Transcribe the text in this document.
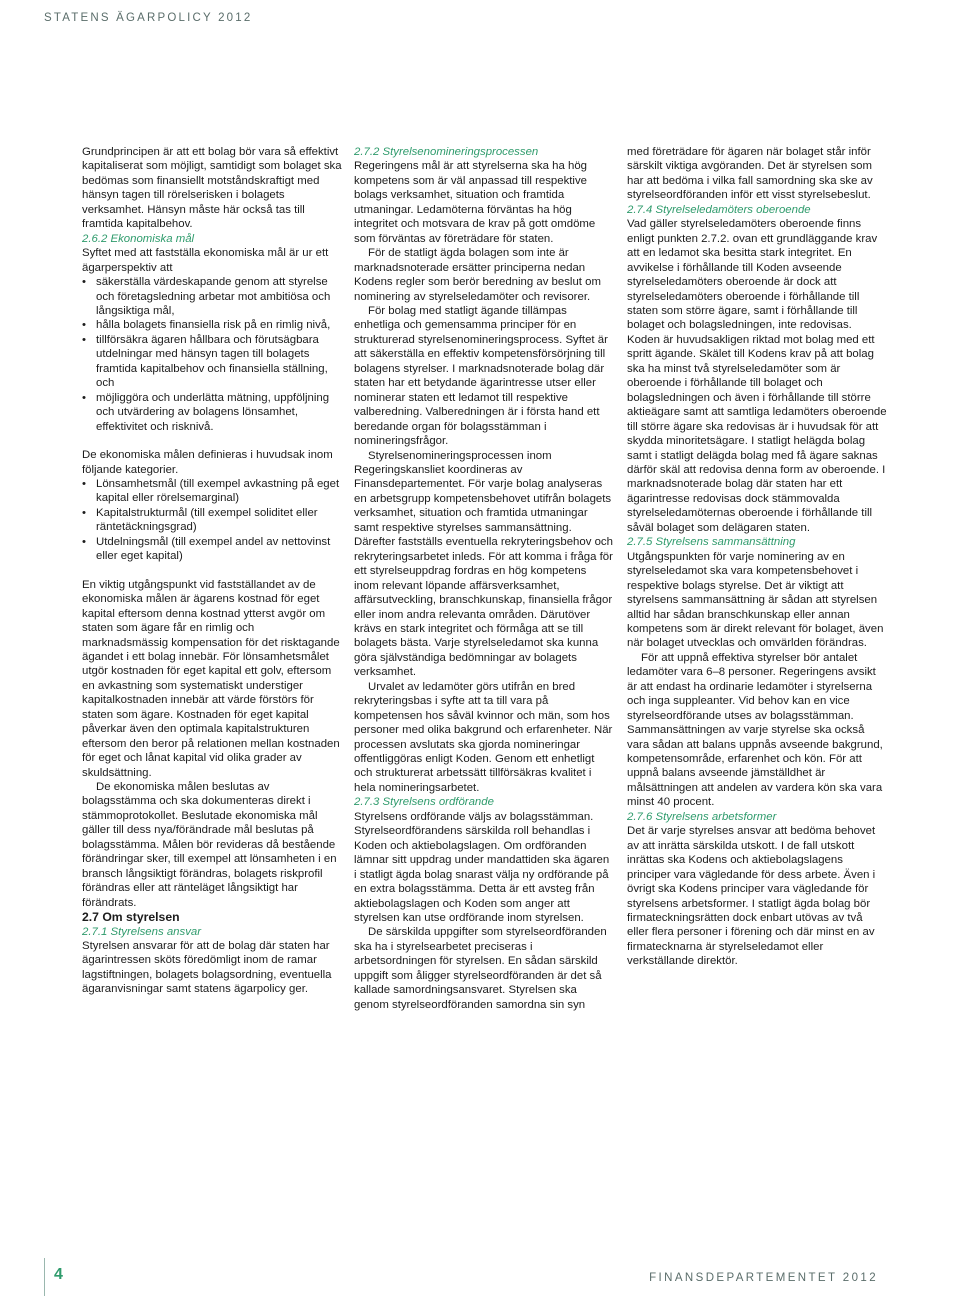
STATENS ÄGARPOLICY 2012

Grundprincipen är att ett bolag bör vara så effektivt kapitaliserat som möjligt, samtidigt som bolaget ska bedömas som finansiellt motståndskraftigt med hänsyn tagen till rörelserisken i bolagets verksamhet. Hänsyn måste här också tas till framtida kapitalbehov.

2.6.2 Ekonomiska mål

Syftet med att fastställa ekonomiska mål är ur ett ägarperspektiv att

• säkerställa värdeskapande genom att styrelse och företagsledning arbetar mot ambitiösa och långsiktiga mål,
• hålla bolagets finansiella risk på en rimlig nivå,
• tillförsäkra ägaren hållbara och förutsägbara utdelningar med hänsyn tagen till bolagets framtida kapitalbehov och finansiella ställning, och
• möjliggöra och underlätta mätning, uppföljning och utvärdering av bolagens lönsamhet, effektivitet och risknivå.

De ekonomiska målen definieras i huvudsak inom följande kategorier.

• Lönsamhetsmål (till exempel avkastning på eget kapital eller rörelsemarginal)
• Kapitalstrukturmål (till exempel soliditet eller räntetäckningsgrad)
• Utdelningsmål (till exempel andel av nettovinst eller eget kapital)

En viktig utgångspunkt vid fastställandet av de ekonomiska målen är ägarens kostnad för eget kapital eftersom denna kostnad ytterst avgör om staten som ägare får en rimlig och marknadsmässig kompensation för det risktagande ägandet i ett bolag innebär. För lönsamhetsmålet utgör kostnaden för eget kapital ett golv, eftersom en avkastning som systematiskt understiger kapitalkostnaden innebär att värde förstörs för staten som ägare. Kostnaden för eget kapital påverkar även den optimala kapitalstrukturen eftersom den beror på relationen mellan kostnaden för eget och lånat kapital vid olika grader av skuldsättning.

De ekonomiska målen beslutas av bolagsstämma och ska dokumenteras direkt i stämmoprotokollet. Beslutade ekonomiska mål gäller till dess nya/förändrade mål beslutas på bolagsstämma. Målen bör revideras då bestående förändringar sker, till exempel att lönsamheten i en bransch långsiktigt förändras, bolagets riskprofil förändras eller att ränteläget långsiktigt har förändrats.

2.7 Om styrelsen

2.7.1 Styrelsens ansvar

Styrelsen ansvarar för att de bolag där staten har ägarintressen sköts föredömligt inom de ramar lagstiftningen, bolagets bolagsordning, eventuella ägaranvisningar samt statens ägarpolicy ger.

2.7.2 Styrelsenomineringsprocessen

Regeringens mål är att styrelserna ska ha hög kompetens som är väl anpassad till respektive bolags verksamhet, situation och framtida utmaningar. Ledamöterna förväntas ha hög integritet och motsvara de krav på gott omdöme som förväntas av företrädare för staten.

För de statligt ägda bolagen som inte är marknadsnoterade ersätter principerna nedan Kodens regler som berör beredning av beslut om nominering av styrelseledamöter och revisorer.

För bolag med statligt ägande tillämpas enhetliga och gemensamma principer för en strukturerad styrelsenomineringsprocess. Syftet är att säkerställa en effektiv kompetensförsörjning till bolagens styrelser. I marknadsnoterade bolag där staten har ett betydande ägarintresse utser eller nominerar staten ett ledamot till respektive valberedning. Valberedningen är i första hand ett beredande organ för bolagsstämman i nomineringsfrågor.

Styrelsenomineringsprocessen inom Regeringskansliet koordineras av Finansdepartementet. För varje bolag analyseras en arbetsgrupp kompetensbehovet utifrån bolagets verksamhet, situation och framtida utmaningar samt respektive styrelses sammansättning. Därefter fastställs eventuella rekryteringsbehov och rekryteringsarbetet inleds. För att komma i fråga för ett styrelseuppdrag fordras en hög kompetens inom relevant löpande affärsverksamhet, affärsutveckling, branschkunskap, finansiella frågor eller inom andra relevanta områden. Därutöver krävs en stark integritet och förmåga att se till bolagets bästa. Varje styrelseledamot ska kunna göra självständiga bedömningar av bolagets verksamhet.

Urvalet av ledamöter görs utifrån en bred rekryteringsbas i syfte att ta till vara på kompetensen hos såväl kvinnor och män, som hos personer med olika bakgrund och erfarenheter. När processen avslutats ska gjorda nomineringar offentliggöras enligt Koden. Genom ett enhetligt och strukturerat arbetssätt tillförsäkras kvalitet i hela nomineringsarbetet.

2.7.3 Styrelsens ordförande

Styrelsens ordförande väljs av bolagsstämman. Styrelseordförandens särskilda roll behandlas i Koden och aktiebolagslagen. Om ordföranden lämnar sitt uppdrag under mandattiden ska ägaren i statligt ägda bolag snarast välja ny ordförande på en extra bolagsstämma. Detta är ett avsteg från aktiebolagslagen och Koden som anger att styrelsen kan utse ordförande inom styrelsen.

De särskilda uppgifter som styrelseordföranden ska ha i styrelsearbetet preciseras i arbetsordningen för styrelsen. En sådan särskild uppgift som åligger styrelseordföranden är det så kallade samordningsansvaret. Styrelsen ska genom styrelseordföranden samordna sin syn

med företrädare för ägaren när bolaget står inför särskilt viktiga avgöranden. Det är styrelsen som har att bedöma i vilka fall samordning ska ske av styrelseordföranden inför ett visst styrelsebeslut.

2.7.4 Styrelseledamöters oberoende

Vad gäller styrelseledamöters oberoende finns enligt punkten 2.7.2. ovan ett grundläggande krav att en ledamot ska besitta stark integritet. En avvikelse i förhållande till Koden avseende styrelseledamöters oberoende är dock att styrelseledamöters oberoende i förhållande till staten som större ägare, samt i förhållande till bolaget och bolagsledningen, inte redovisas. Koden är huvudsakligen riktad mot bolag med ett spritt ägande. Skälet till Kodens krav på att bolag ska ha minst två styrelseledamöter som är oberoende i förhållande till bolaget och bolagsledningen och även i förhållande till större aktieägare samt att samtliga ledamöters oberoende till större ägare ska redovisas är i huvudsak för att skydda minoritetsägare. I statligt helägda bolag samt i statligt delägda bolag med få ägare saknas därför skäl att redovisa denna form av oberoende. I marknadsnoterade bolag där staten har ett ägarintresse redovisas dock stämmovalda styrelseledamöternas oberoende i förhållande till såväl bolaget som delägaren staten.

2.7.5 Styrelsens sammansättning

Utgångspunkten för varje nominering av en styrelseledamot ska vara kompetensbehovet i respektive bolags styrelse. Det är viktigt att styrelsens sammansättning är sådan att styrelsen alltid har sådan branschkunskap eller annan kompetens som är direkt relevant för bolaget, även när bolaget utvecklas och omvärlden förändras.

För att uppnå effektiva styrelser bör antalet ledamöter vara 6–8 personer. Regeringens avsikt är att endast ha ordinarie ledamöter i styrelserna och inga suppleanter. Vid behov kan en vice styrelseordförande utses av bolagsstämman. Sammansättningen av varje styrelse ska också vara sådan att balans uppnås avseende bakgrund, kompetensområde, erfarenhet och kön. För att uppnå balans avseende jämställdhet är målsättningen att andelen av vardera kön ska vara minst 40 procent.

2.7.6 Styrelsens arbetsformer

Det är varje styrelses ansvar att bedöma behovet av att inrätta särskilda utskott. I de fall utskott inrättas ska Kodens och aktiebolagslagens principer vara vägledande för dess arbete. Även i övrigt ska Kodens principer vara vägledande för styrelsens arbetsformer. I statligt ägda bolag bör firmateckningsrätten dock enbart utövas av två eller flera personer i förening och där minst en av firmatecknarna är styrelseledamot eller verkställande direktör.

4	FINANSDEPARTEMENTET 2012
